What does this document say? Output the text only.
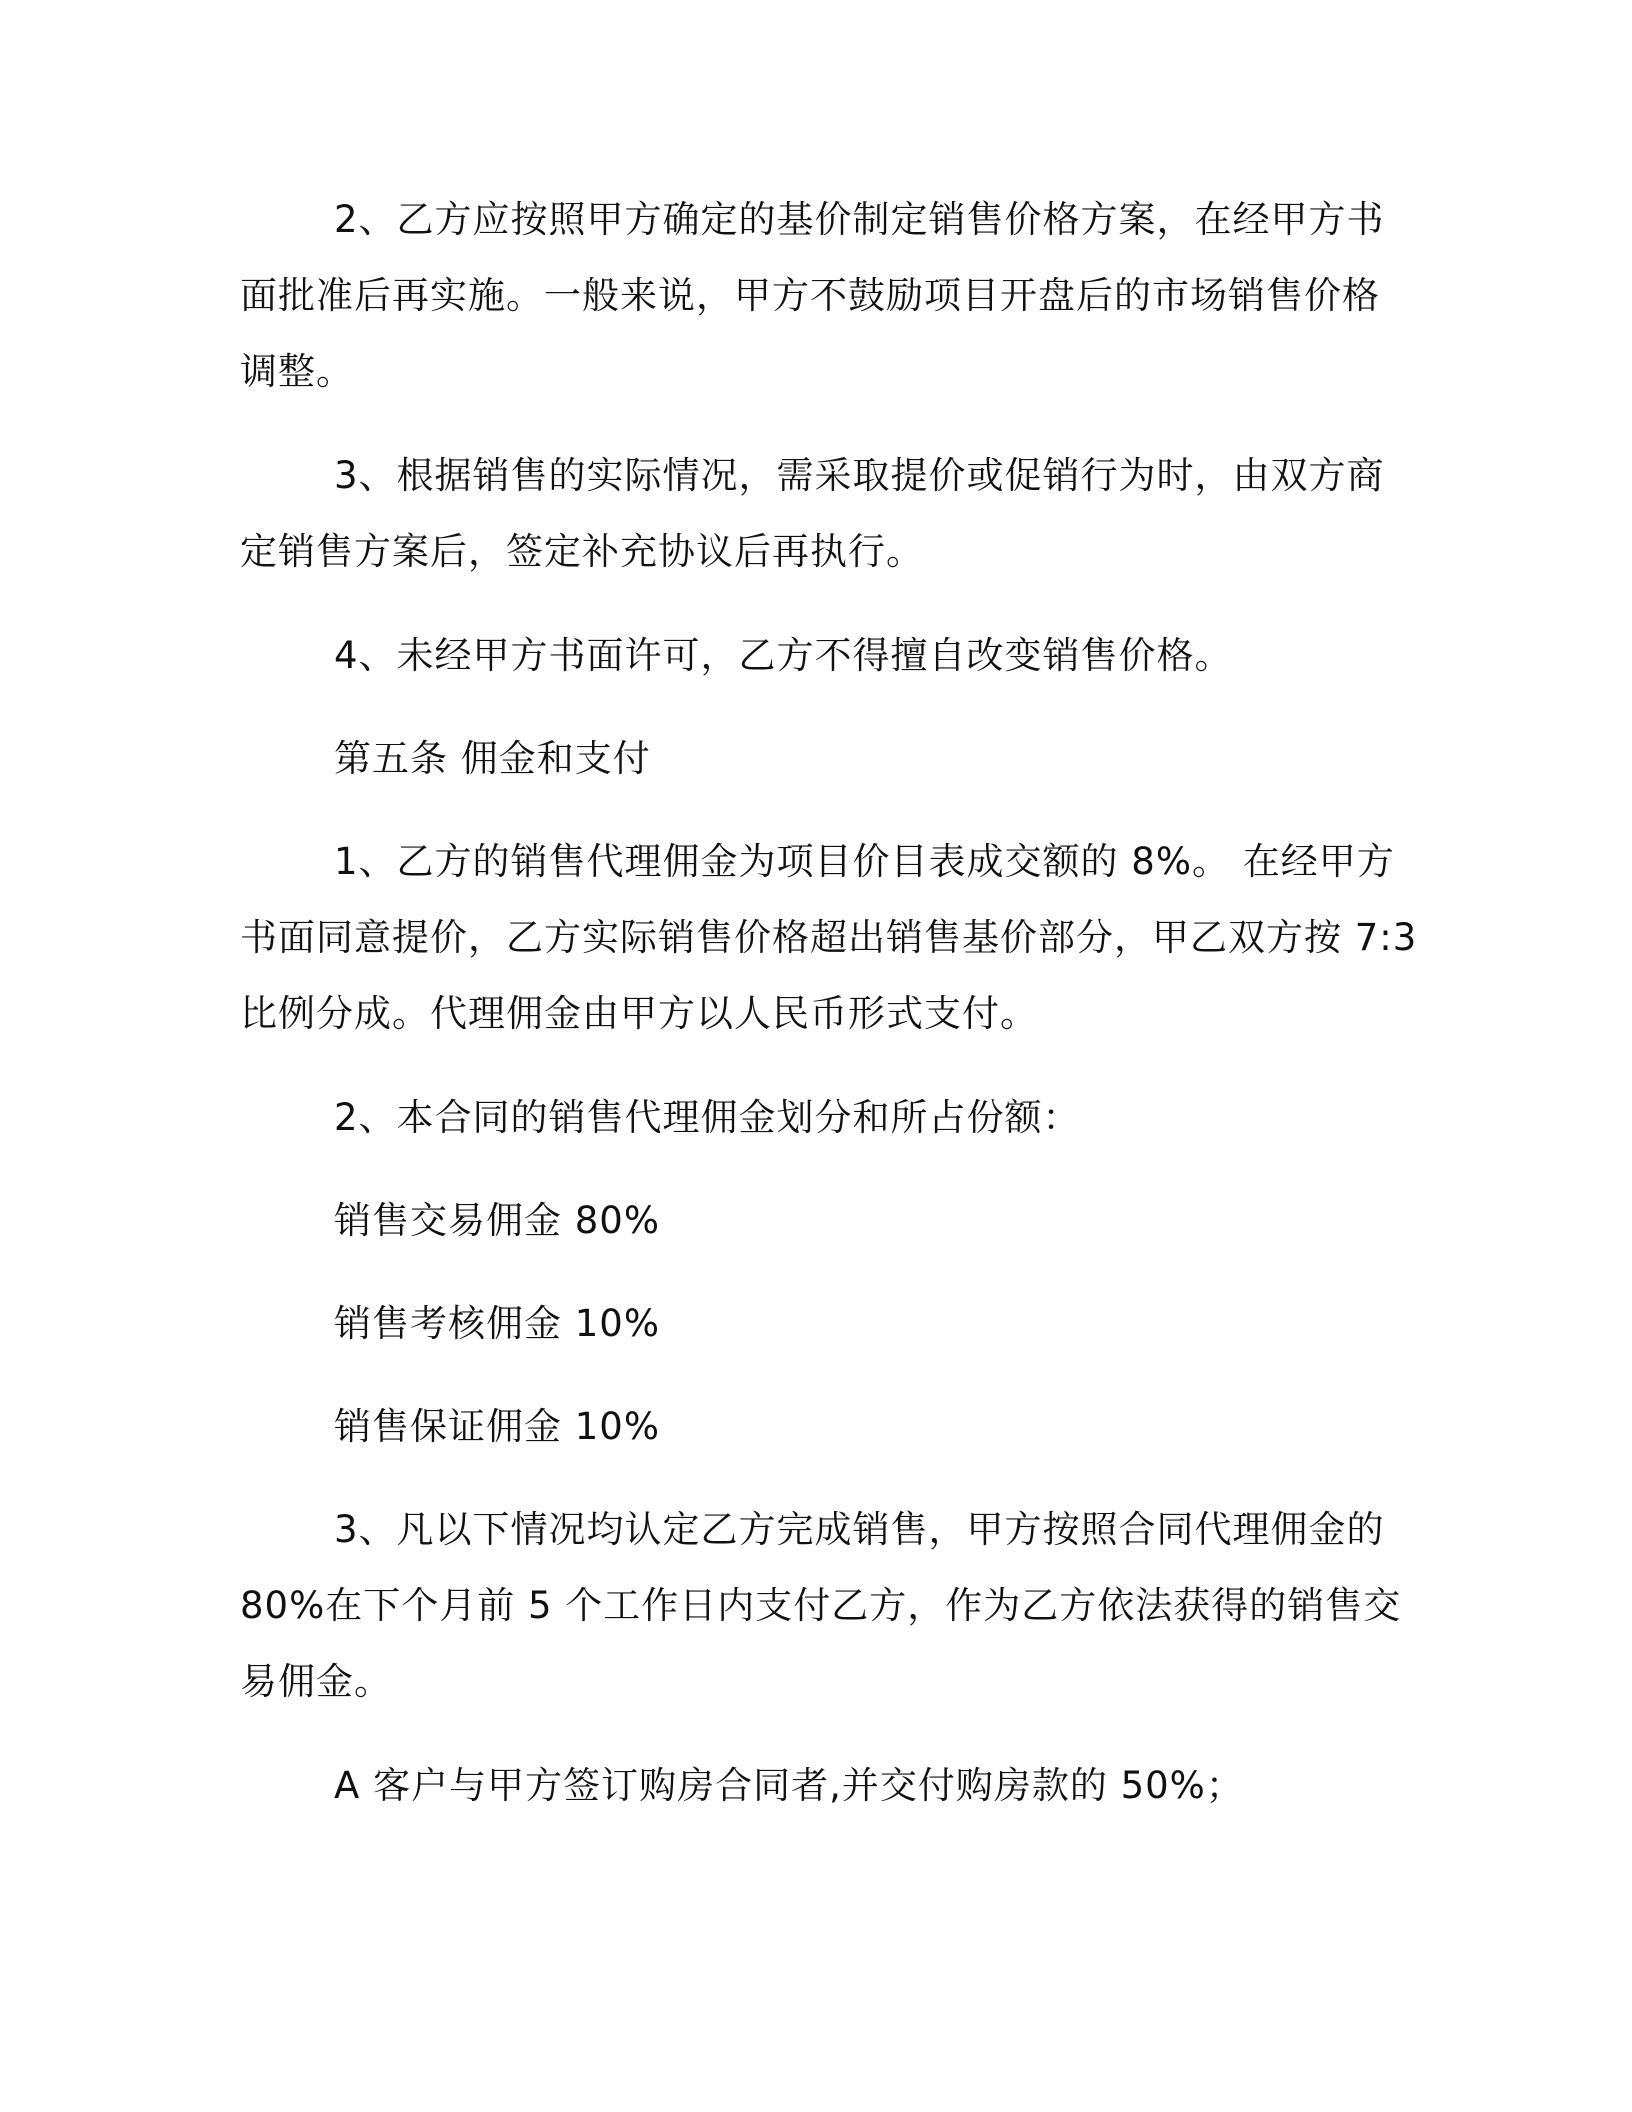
2、乙方应按照甲方确定的基价制定销售价格方案，在经甲方书
面批准后再实施。一般来说，甲方不鼓励项目开盘后的市场销售价格
调整。
3、根据销售的实际情况，需采取提价或促销行为时，由双方商
定销售方案后，签定补充协议后再执行。
4、未经甲方书面许可，乙方不得擅自改变销售价格。
第五条 佣金和支付
1、乙方的销售代理佣金为项目价目表成交额的 8%。 在经甲方
书面同意提价，乙方实际销售价格超出销售基价部分，甲乙双方按 7:3
比例分成。代理佣金由甲方以人民币形式支付。
2、本合同的销售代理佣金划分和所占份额：
销售交易佣金 80%
销售考核佣金 10%
销售保证佣金 10%
3、凡以下情况均认定乙方完成销售，甲方按照合同代理佣金的
80%在下个月前 5 个工作日内支付乙方，作为乙方依法获得的销售交
易佣金。
A 客户与甲方签订购房合同者,并交付购房款的 50%；
